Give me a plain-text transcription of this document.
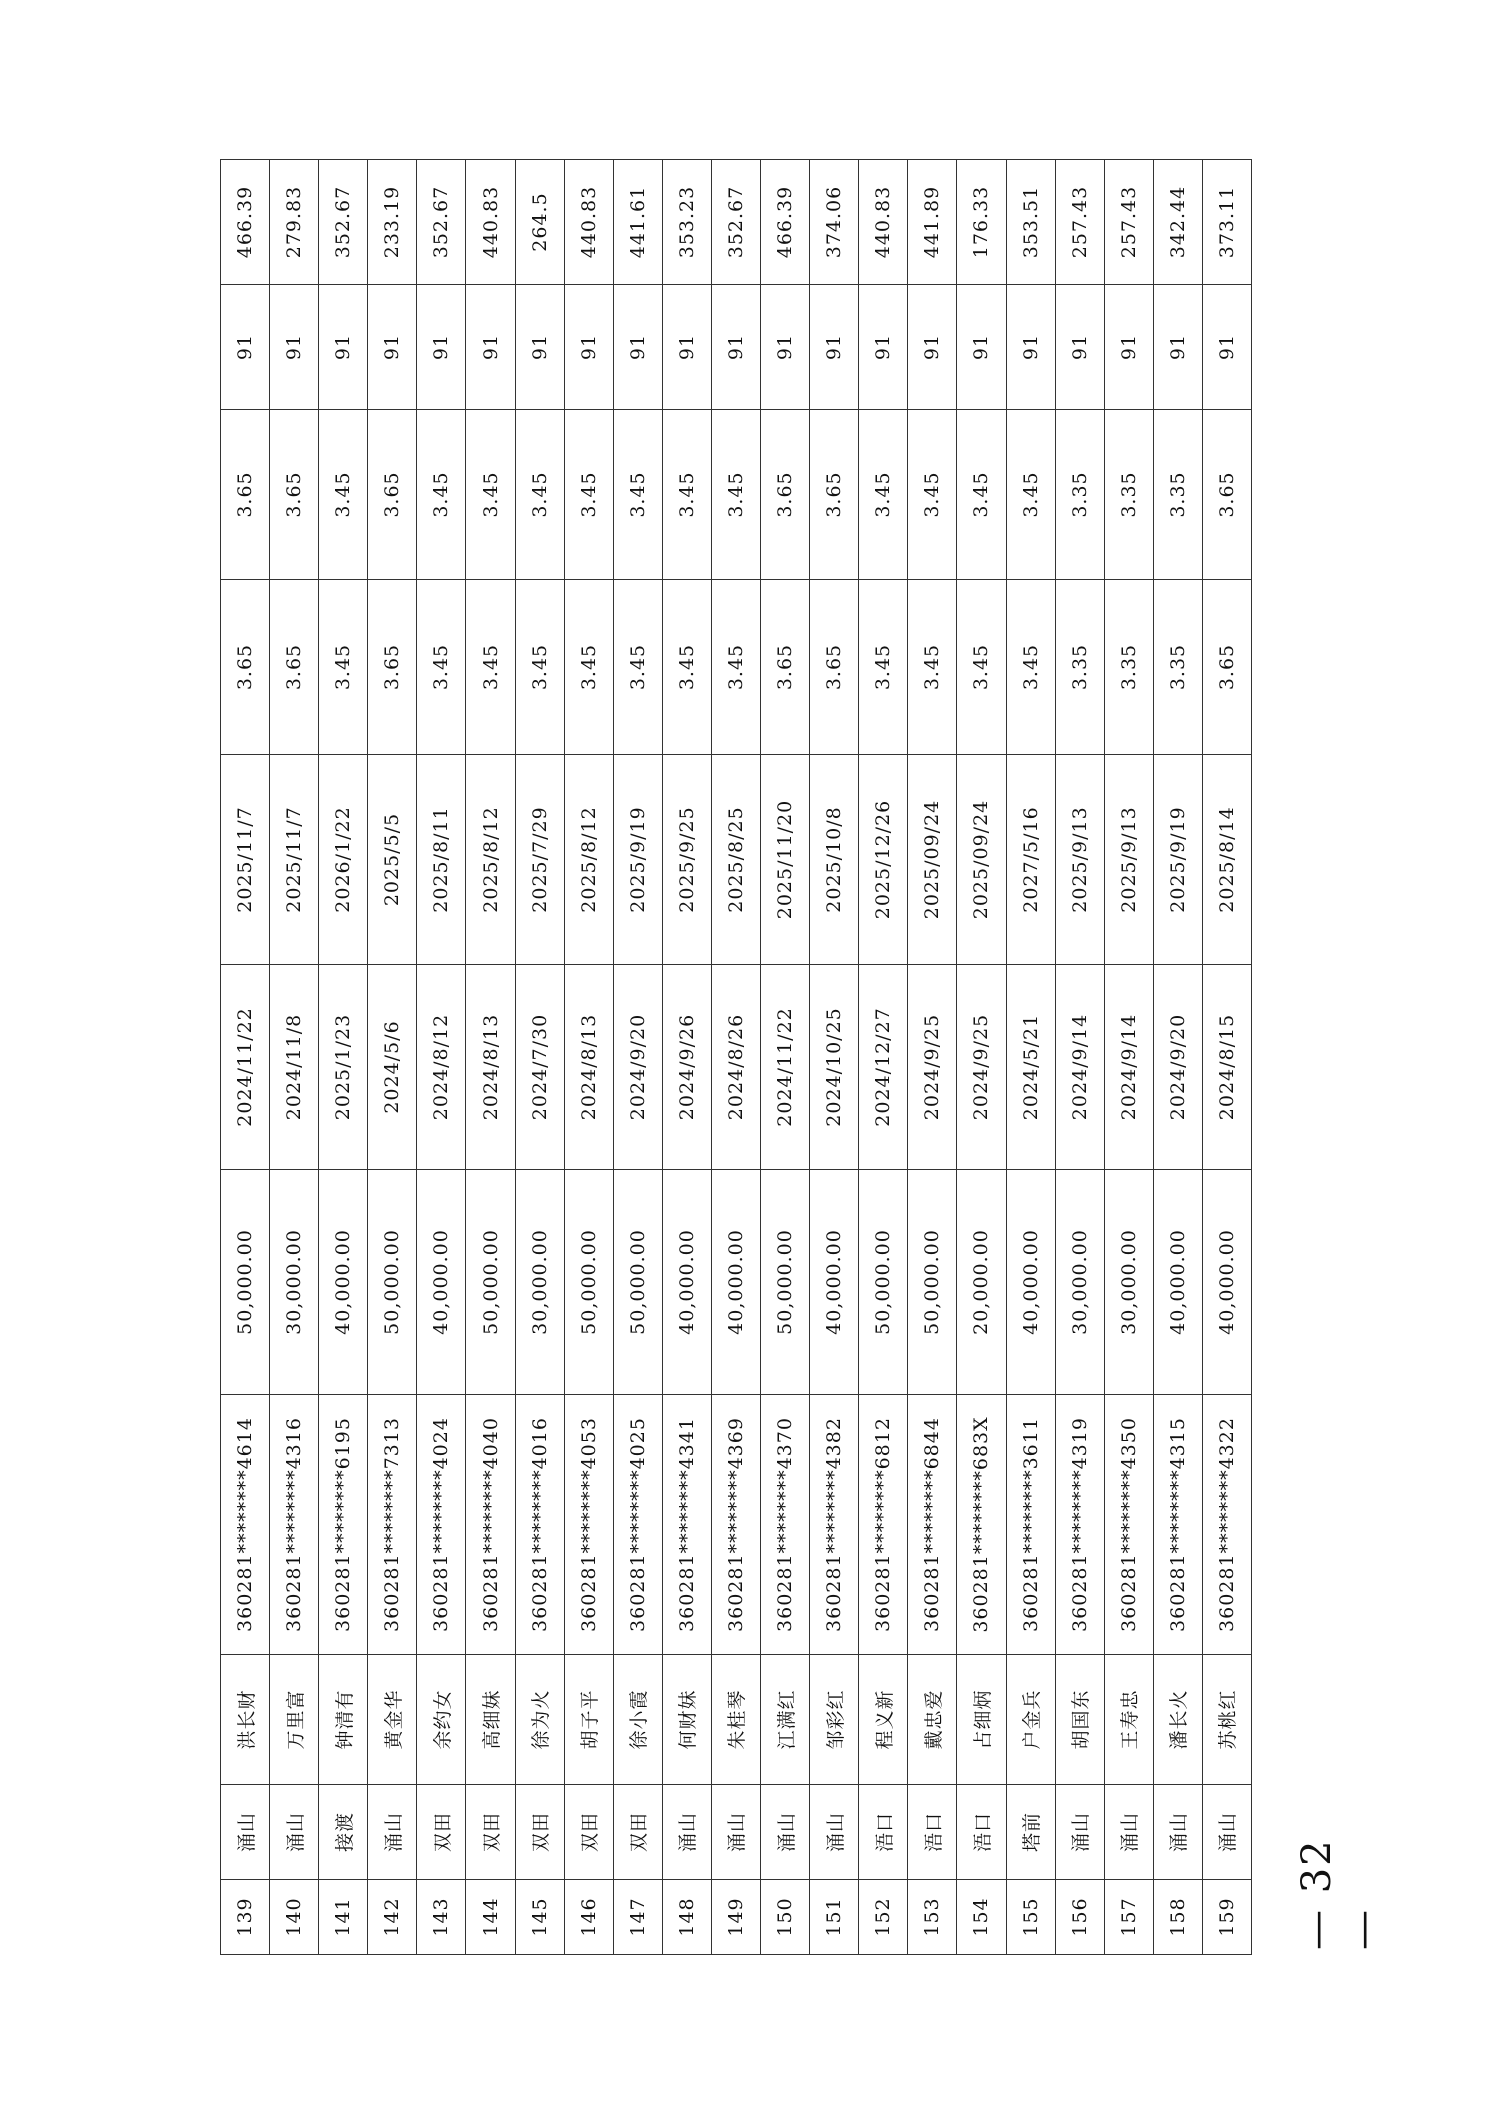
139	涌山	洪长财	360281********4614	50,000.00	2024/11/22	2025/11/7	3.65	3.65	91	466.39
140	涌山	万里富	360281********4316	30,000.00	2024/11/8	2025/11/7	3.65	3.65	91	279.83
141	接渡	钟清有	360281********6195	40,000.00	2025/1/23	2026/1/22	3.45	3.45	91	352.67
142	涌山	黄金华	360281********7313	50,000.00	2024/5/6	2025/5/5	3.65	3.65	91	233.19
143	双田	余约女	360281********4024	40,000.00	2024/8/12	2025/8/11	3.45	3.45	91	352.67
144	双田	高细妹	360281********4040	50,000.00	2024/8/13	2025/8/12	3.45	3.45	91	440.83
145	双田	徐为火	360281********4016	30,000.00	2024/7/30	2025/7/29	3.45	3.45	91	264.5
146	双田	胡子平	360281********4053	50,000.00	2024/8/13	2025/8/12	3.45	3.45	91	440.83
147	双田	徐小霞	360281********4025	50,000.00	2024/9/20	2025/9/19	3.45	3.45	91	441.61
148	涌山	何财妹	360281********4341	40,000.00	2024/9/26	2025/9/25	3.45	3.45	91	353.23
149	涌山	朱桂琴	360281********4369	40,000.00	2024/8/26	2025/8/25	3.45	3.45	91	352.67
150	涌山	江满红	360281********4370	50,000.00	2024/11/22	2025/11/20	3.65	3.65	91	466.39
151	涌山	邹彩红	360281********4382	40,000.00	2024/10/25	2025/10/8	3.65	3.65	91	374.06
152	浯口	程义新	360281********6812	50,000.00	2024/12/27	2025/12/26	3.45	3.45	91	440.83
153	浯口	戴忠爱	360281********6844	50,000.00	2024/9/25	2025/09/24	3.45	3.45	91	441.89
154	浯口	占细炳	360281********683X	20,000.00	2024/9/25	2025/09/24	3.45	3.45	91	176.33
155	塔前	户金兵	360281********3611	40,000.00	2024/5/21	2027/5/16	3.45	3.45	91	353.51
156	涌山	胡国东	360281********4319	30,000.00	2024/9/14	2025/9/13	3.35	3.35	91	257.43
157	涌山	王寿忠	360281********4350	30,000.00	2024/9/14	2025/9/13	3.35	3.35	91	257.43
158	涌山	潘长火	360281********4315	40,000.00	2024/9/20	2025/9/19	3.35	3.35	91	342.44
159	涌山	苏桃红	360281********4322	40,000.00	2024/8/15	2025/8/14	3.65	3.65	91	373.11
— 32 —
